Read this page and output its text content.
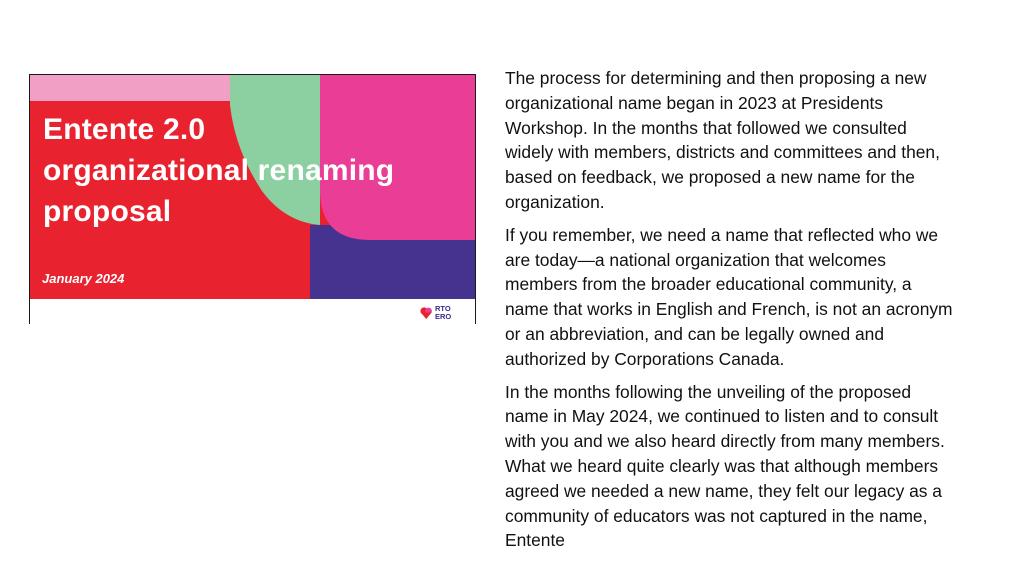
Entente 2.0
organizational renaming
proposal
January 2024
RTO
ERO

The process for determining and then proposing a new
organizational name began in 2023 at Presidents
Workshop. In the months that followed we consulted
widely with members, districts and committees and then,
based on feedback, we proposed a new name for the
organization.

If you remember, we need a name that reflected who we
are today—a national organization that welcomes
members from the broader educational community, a
name that works in English and French, is not an acronym
or an abbreviation, and can be legally owned and
authorized by Corporations Canada.

In the months following the unveiling of the proposed
name in May 2024, we continued to listen and to consult
with you and we also heard directly from many members.
What we heard quite clearly was that although members
agreed we needed a new name, they felt our legacy as a
community of educators was not captured in the name,
Entente
